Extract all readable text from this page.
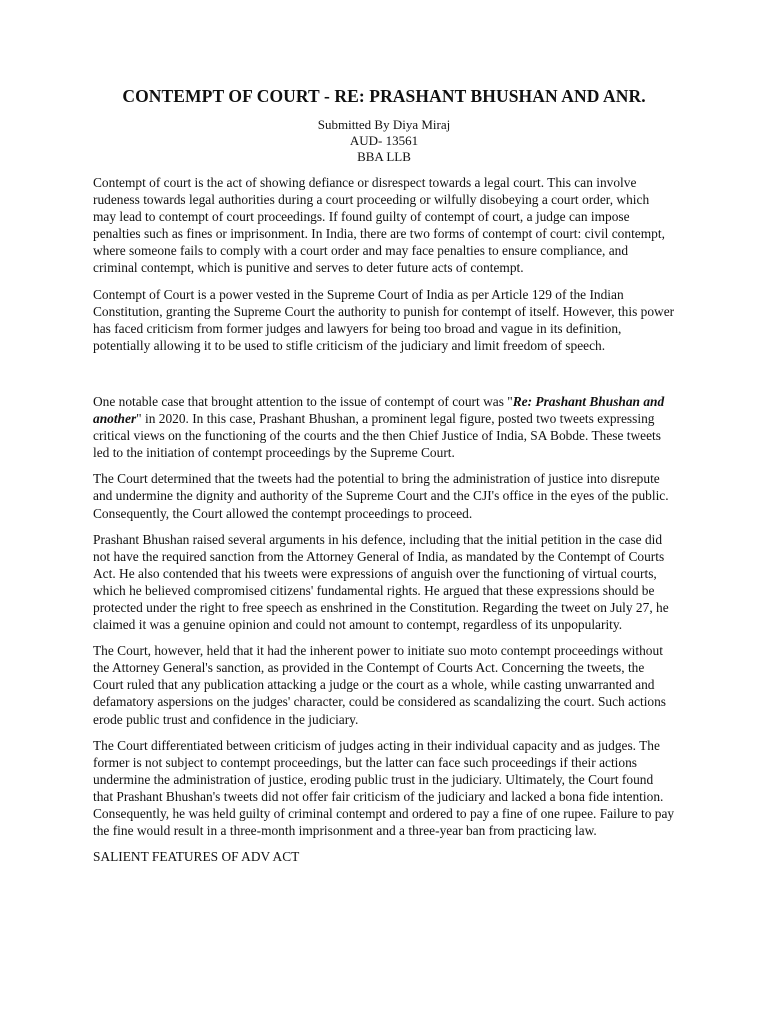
CONTEMPT OF COURT - RE: PRASHANT BHUSHAN AND ANR.
Submitted By Diya Miraj
AUD- 13561
BBA LLB

Contempt of court is the act of showing defiance or disrespect towards a legal court. This can involve rudeness towards legal authorities during a court proceeding or wilfully disobeying a court order, which may lead to contempt of court proceedings. If found guilty of contempt of court, a judge can impose penalties such as fines or imprisonment. In India, there are two forms of contempt of court: civil contempt, where someone fails to comply with a court order and may face penalties to ensure compliance, and criminal contempt, which is punitive and serves to deter future acts of contempt.

Contempt of Court is a power vested in the Supreme Court of India as per Article 129 of the Indian Constitution, granting the Supreme Court the authority to punish for contempt of itself. However, this power has faced criticism from former judges and lawyers for being too broad and vague in its definition, potentially allowing it to be used to stifle criticism of the judiciary and limit freedom of speech.

One notable case that brought attention to the issue of contempt of court was "Re: Prashant Bhushan and another" in 2020. In this case, Prashant Bhushan, a prominent legal figure, posted two tweets expressing critical views on the functioning of the courts and the then Chief Justice of India, SA Bobde. These tweets led to the initiation of contempt proceedings by the Supreme Court.

The Court determined that the tweets had the potential to bring the administration of justice into disrepute and undermine the dignity and authority of the Supreme Court and the CJI's office in the eyes of the public. Consequently, the Court allowed the contempt proceedings to proceed.

Prashant Bhushan raised several arguments in his defence, including that the initial petition in the case did not have the required sanction from the Attorney General of India, as mandated by the Contempt of Courts Act. He also contended that his tweets were expressions of anguish over the functioning of virtual courts, which he believed compromised citizens' fundamental rights. He argued that these expressions should be protected under the right to free speech as enshrined in the Constitution. Regarding the tweet on July 27, he claimed it was a genuine opinion and could not amount to contempt, regardless of its unpopularity.

The Court, however, held that it had the inherent power to initiate suo moto contempt proceedings without the Attorney General's sanction, as provided in the Contempt of Courts Act. Concerning the tweets, the Court ruled that any publication attacking a judge or the court as a whole, while casting unwarranted and defamatory aspersions on the judges' character, could be considered as scandalizing the court. Such actions erode public trust and confidence in the judiciary.

The Court differentiated between criticism of judges acting in their individual capacity and as judges. The former is not subject to contempt proceedings, but the latter can face such proceedings if their actions undermine the administration of justice, eroding public trust in the judiciary. Ultimately, the Court found that Prashant Bhushan's tweets did not offer fair criticism of the judiciary and lacked a bona fide intention. Consequently, he was held guilty of criminal contempt and ordered to pay a fine of one rupee. Failure to pay the fine would result in a three-month imprisonment and a three-year ban from practicing law.

SALIENT FEATURES OF ADV ACT
